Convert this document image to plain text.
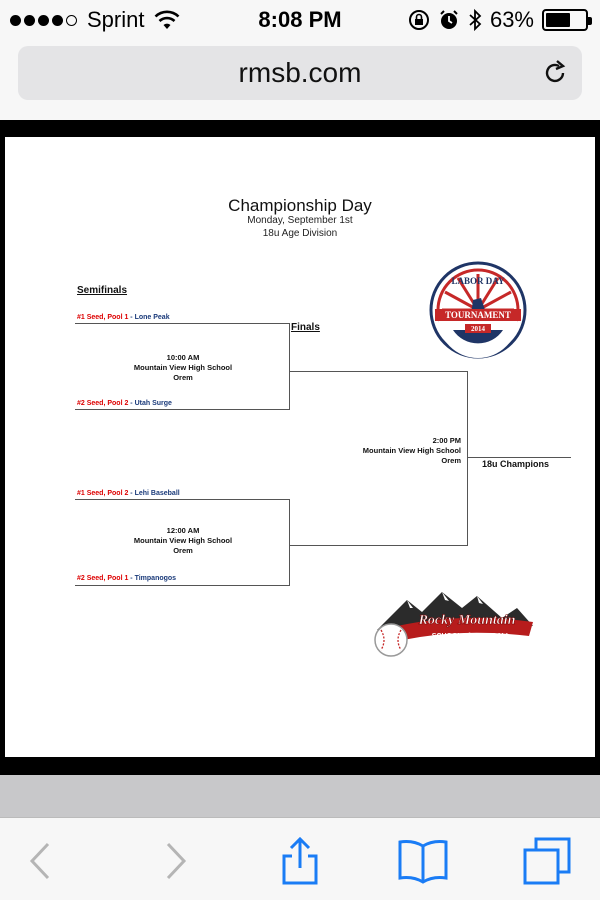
Sprint	8:08 PM	63%
rmsb.com
Championship Day
Monday, September 1st
18u Age Division
TOURNAMENT
LABOR DAY
2014
Semifinals
Finals
#1 Seed, Pool 1 - Lone Peak
#2 Seed, Pool 2 - Utah Surge
10:00 AM
Mountain View High School
Orem
2:00 PM
Mountain View High School
Orem 18u Champions
#1 Seed, Pool 2 - Lehi Baseball
#2 Seed, Pool 1 - Timpanogos
12:00 AM
Mountain View High School
Orem
Rocky Mountain
SCHOOL of BASEBALL
